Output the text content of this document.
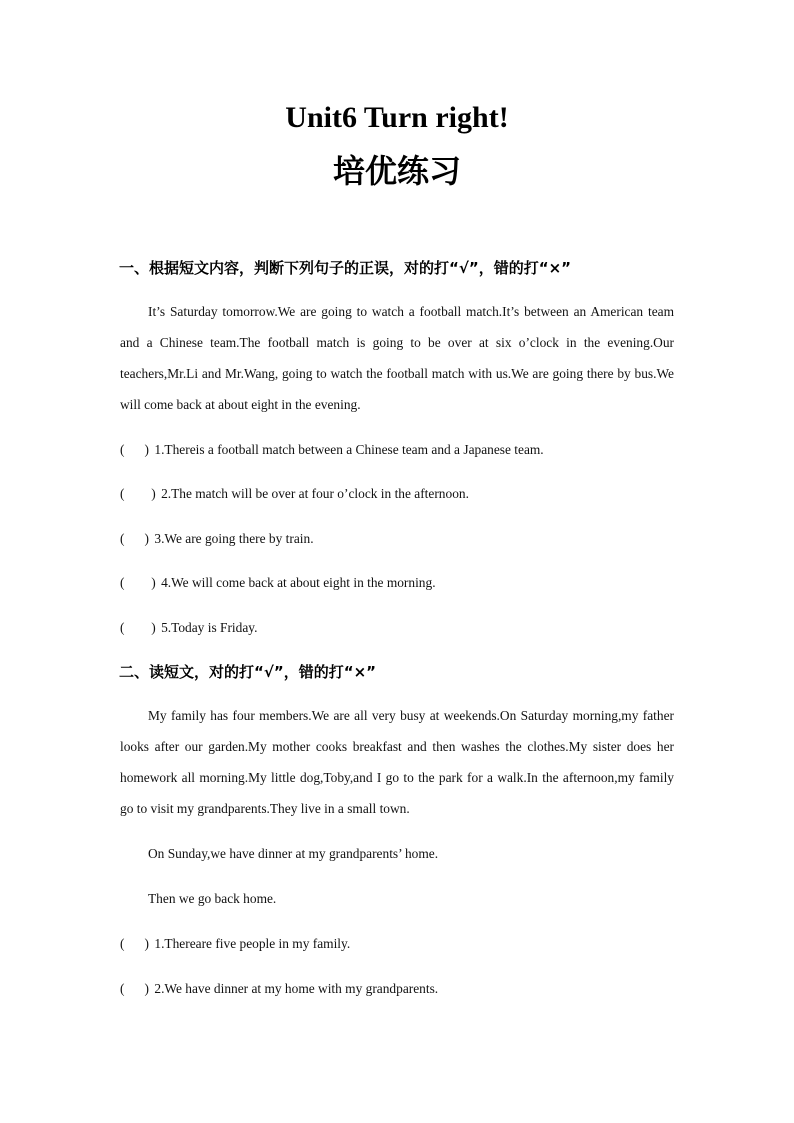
Unit6 Turn right!
培优练习
一、根据短文内容，判断下列句子的正误，对的打“√”，错的打“×”
It’s Saturday tomorrow.We are going to watch a football match.It’s between an American team and a Chinese team.The football match is going to be over at six o’clock in the evening.Our teachers,Mr.Li and Mr.Wang, going to watch the football match with us.We are going there by bus.We will come back at about eight in the evening.
(      ) 1.Thereis a football match between a Chinese team and a Japanese team.
(        ) 2.The match will be over at four o’clock in the afternoon.
(      ) 3.We are going there by train.
(        ) 4.We will come back at about eight in the morning.
(        ) 5.Today is Friday.
二、读短文，对的打“√”，错的打“×”
My family has four members.We are all very busy at weekends.On Saturday morning,my father looks after our garden.My mother cooks breakfast and then washes the clothes.My sister does her homework all morning.My little dog,Toby,and I go to the park for a walk.In the afternoon,my family go to visit my grandparents.They live in a small town.
On Sunday,we have dinner at my grandparents’ home.
Then we go back home.
(      ) 1.Thereare five people in my family.
(      ) 2.We have dinner at my home with my grandparents.
